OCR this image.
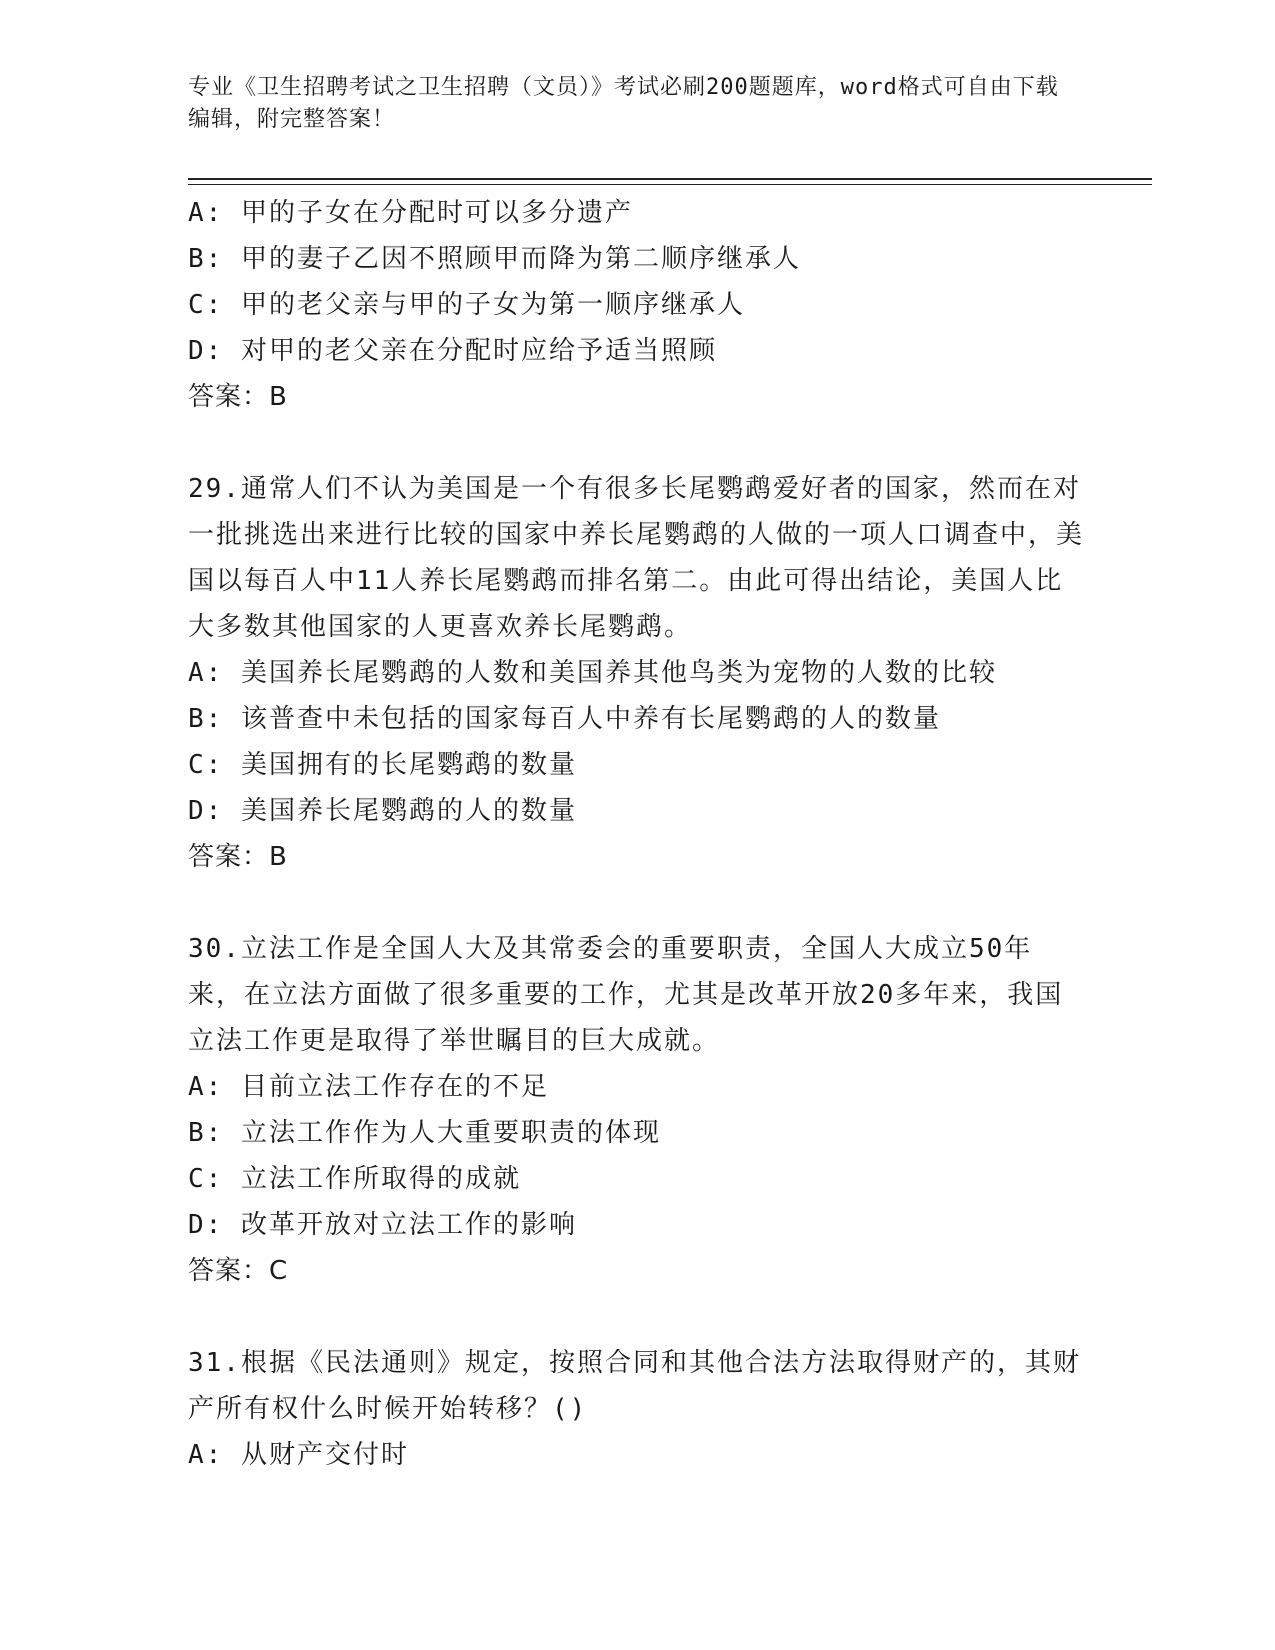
专业《卫生招聘考试之卫生招聘（文员）》考试必刷200题题库，word格式可自由下载编辑，附完整答案！
A: 甲的子女在分配时可以多分遗产
B: 甲的妻子乙因不照顾甲而降为第二顺序继承人
C: 甲的老父亲与甲的子女为第一顺序继承人
D: 对甲的老父亲在分配时应给予适当照顾
答案：B
29.通常人们不认为美国是一个有很多长尾鹦鹉爱好者的国家，然而在对一批挑选出来进行比较的国家中养长尾鹦鹉的人做的一项人口调查中，美国以每百人中11人养长尾鹦鹉而排名第二。由此可得出结论，美国人比大多数其他国家的人更喜欢养长尾鹦鹉。
A: 美国养长尾鹦鹉的人数和美国养其他鸟类为宠物的人数的比较
B: 该普查中未包括的国家每百人中养有长尾鹦鹉的人的数量
C: 美国拥有的长尾鹦鹉的数量
D: 美国养长尾鹦鹉的人的数量
答案：B
30.立法工作是全国人大及其常委会的重要职责，全国人大成立50年来，在立法方面做了很多重要的工作，尤其是改革开放20多年来，我国立法工作更是取得了举世瞩目的巨大成就。
A: 目前立法工作存在的不足
B: 立法工作作为人大重要职责的体现
C: 立法工作所取得的成就
D: 改革开放对立法工作的影响
答案：C
31.根据《民法通则》规定，按照合同和其他合法方法取得财产的，其财产所有权什么时候开始转移？()
A: 从财产交付时
